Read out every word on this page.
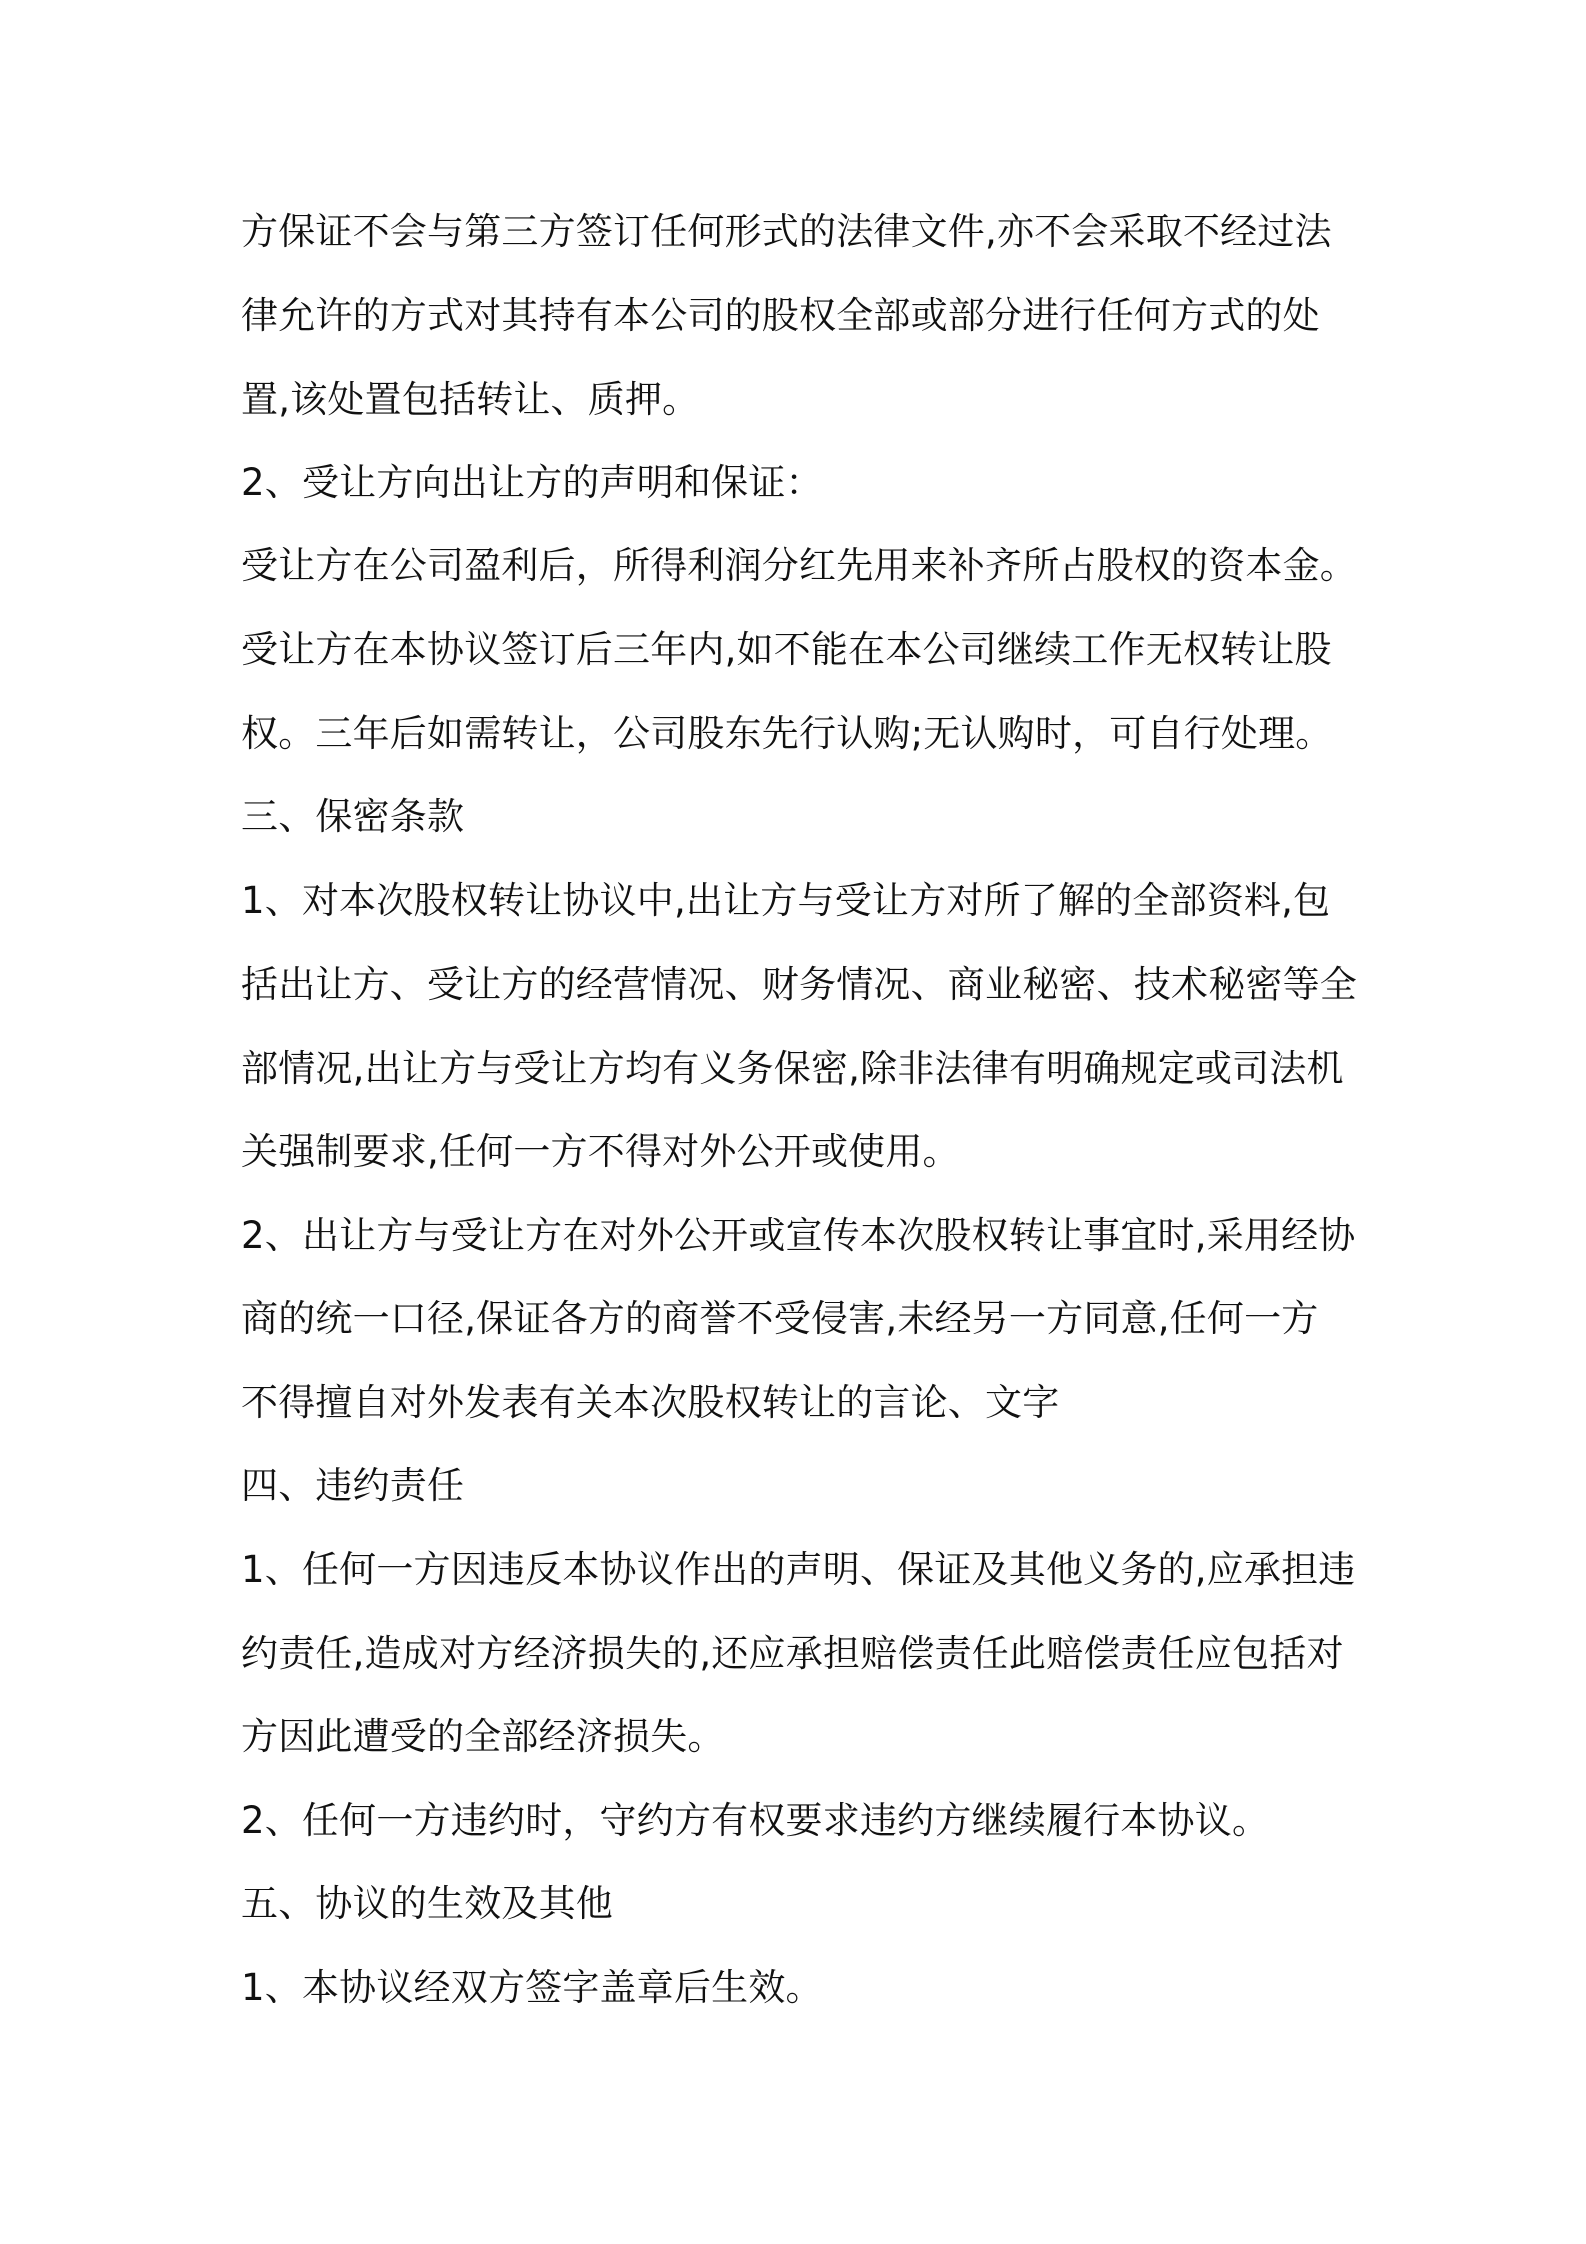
方保证不会与第三方签订任何形式的法律文件,亦不会采取不经过法
律允许的方式对其持有本公司的股权全部或部分进行任何方式的处
置,该处置包括转让、质押。
2、受让方向出让方的声明和保证：
受让方在公司盈利后，所得利润分红先用来补齐所占股权的资本金。
受让方在本协议签订后三年内,如不能在本公司继续工作无权转让股
权。三年后如需转让，公司股东先行认购;无认购时，可自行处理。
三、保密条款
1、对本次股权转让协议中,出让方与受让方对所了解的全部资料,包
括出让方、受让方的经营情况、财务情况、商业秘密、技术秘密等全
部情况,出让方与受让方均有义务保密,除非法律有明确规定或司法机
关强制要求,任何一方不得对外公开或使用。
2、出让方与受让方在对外公开或宣传本次股权转让事宜时,采用经协
商的统一口径,保证各方的商誉不受侵害,未经另一方同意,任何一方
不得擅自对外发表有关本次股权转让的言论、文字
四、违约责任
1、任何一方因违反本协议作出的声明、保证及其他义务的,应承担违
约责任,造成对方经济损失的,还应承担赔偿责任此赔偿责任应包括对
方因此遭受的全部经济损失。
2、任何一方违约时，守约方有权要求违约方继续履行本协议。
五、协议的生效及其他
1、本协议经双方签字盖章后生效。
